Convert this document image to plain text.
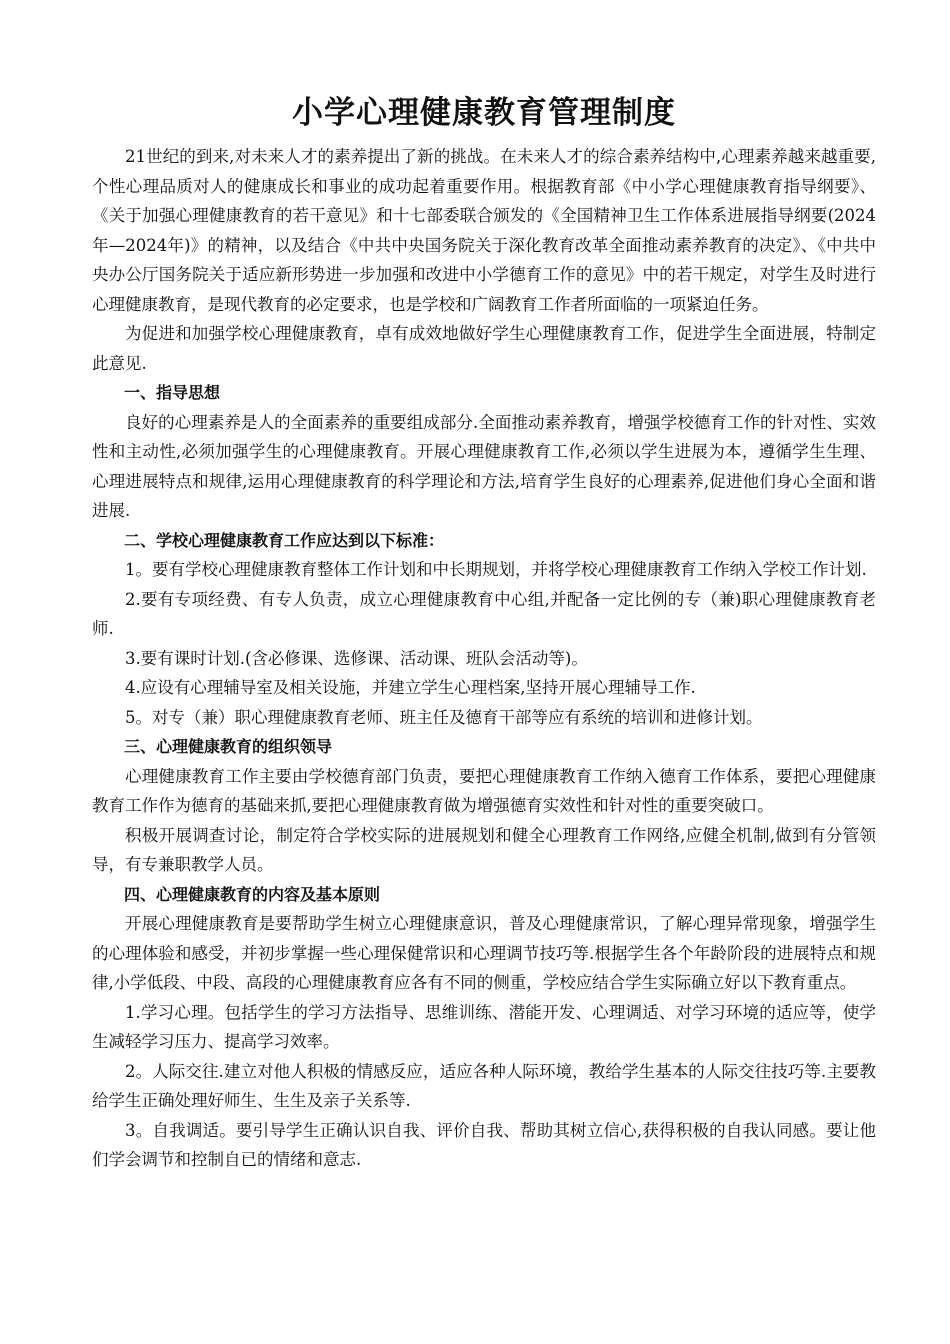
小学心理健康教育管理制度

21世纪的到来,对未来人才的素养提出了新的挑战。在未来人才的综合素养结构中,心理素养越来越重要,个性心理品质对人的健康成长和事业的成功起着重要作用。根据教育部《中小学心理健康教育指导纲要》、《关于加强心理健康教育的若干意见》和十七部委联合颁发的《全国精神卫生工作体系进展指导纲要(2024年—2024年)》的精神，以及结合《中共中央国务院关于深化教育改革全面推动素养教育的决定》、《中共中央办公厅国务院关于适应新形势进一步加强和改进中小学德育工作的意见》中的若干规定，对学生及时进行心理健康教育，是现代教育的必定要求，也是学校和广阔教育工作者所面临的一项紧迫任务。

为促进和加强学校心理健康教育，卓有成效地做好学生心理健康教育工作，促进学生全面进展，特制定此意见.

一、指导思想

良好的心理素养是人的全面素养的重要组成部分.全面推动素养教育，增强学校德育工作的针对性、实效性和主动性,必须加强学生的心理健康教育。开展心理健康教育工作,必须以学生进展为本，遵循学生生理、心理进展特点和规律,运用心理健康教育的科学理论和方法,培育学生良好的心理素养,促进他们身心全面和谐进展.

二、学校心理健康教育工作应达到以下标准：

1。要有学校心理健康教育整体工作计划和中长期规划，并将学校心理健康教育工作纳入学校工作计划.

2.要有专项经费、有专人负责，成立心理健康教育中心组,并配备一定比例的专（兼)职心理健康教育老师.

3.要有课时计划.(含必修课、选修课、活动课、班队会活动等)。

4.应设有心理辅导室及相关设施，并建立学生心理档案,坚持开展心理辅导工作.

5。对专（兼）职心理健康教育老师、班主任及德育干部等应有系统的培训和进修计划。

三、心理健康教育的组织领导

心理健康教育工作主要由学校德育部门负责，要把心理健康教育工作纳入德育工作体系，要把心理健康教育工作作为德育的基础来抓,要把心理健康教育做为增强德育实效性和针对性的重要突破口。

积极开展调查讨论，制定符合学校实际的进展规划和健全心理教育工作网络,应健全机制,做到有分管领导，有专兼职教学人员。

四、心理健康教育的内容及基本原则

开展心理健康教育是要帮助学生树立心理健康意识，普及心理健康常识，了解心理异常现象，增强学生的心理体验和感受，并初步掌握一些心理保健常识和心理调节技巧等.根据学生各个年龄阶段的进展特点和规律,小学低段、中段、高段的心理健康教育应各有不同的侧重，学校应结合学生实际确立好以下教育重点。

1.学习心理。包括学生的学习方法指导、思维训练、潜能开发、心理调适、对学习环境的适应等，使学生减轻学习压力、提高学习效率。

2。人际交往.建立对他人积极的情感反应，适应各种人际环境，教给学生基本的人际交往技巧等.主要教给学生正确处理好师生、生生及亲子关系等.

3。自我调适。要引导学生正确认识自我、评价自我、帮助其树立信心,获得积极的自我认同感。要让他们学会调节和控制自已的情绪和意志.
